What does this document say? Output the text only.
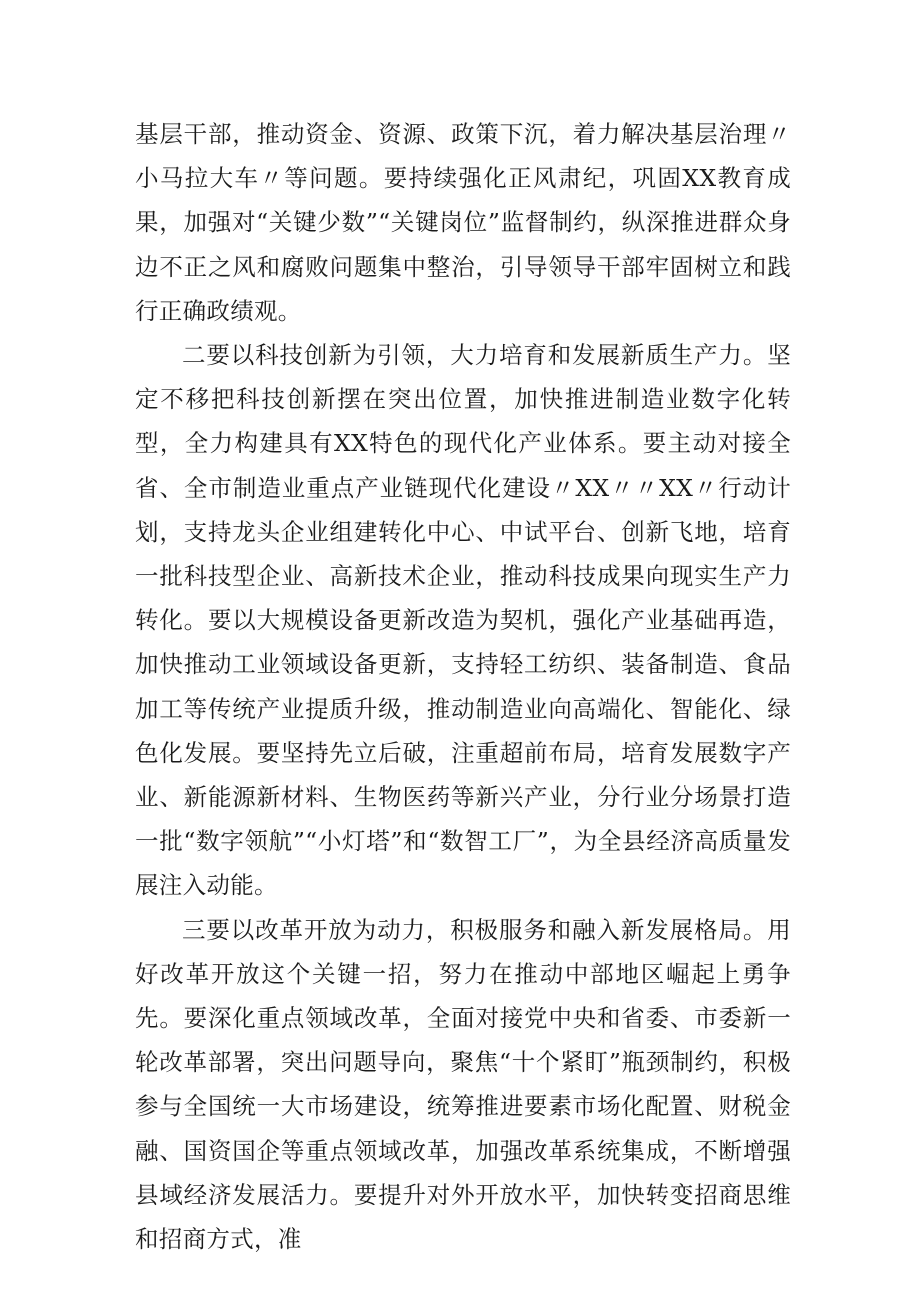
基层干部，推动资金、资源、政策下沉，着力解决基层治理〃小马拉大车〃等问题。要持续强化正风肃纪，巩固XX教育成果，加强对“关键少数”“关键岗位”监督制约，纵深推进群众身边不正之风和腐败问题集中整治，引导领导干部牢固树立和践行正确政绩观。

二要以科技创新为引领，大力培育和发展新质生产力。坚定不移把科技创新摆在突出位置，加快推进制造业数字化转型，全力构建具有XX特色的现代化产业体系。要主动对接全省、全市制造业重点产业链现代化建设〃XX〃〃XX〃行动计划，支持龙头企业组建转化中心、中试平台、创新飞地，培育一批科技型企业、高新技术企业，推动科技成果向现实生产力转化。要以大规模设备更新改造为契机，强化产业基础再造，加快推动工业领域设备更新，支持轻工纺织、装备制造、食品加工等传统产业提质升级，推动制造业向高端化、智能化、绿色化发展。要坚持先立后破，注重超前布局，培育发展数字产业、新能源新材料、生物医药等新兴产业，分行业分场景打造一批“数字领航”“小灯塔”和“数智工厂”，为全县经济高质量发展注入动能。

三要以改革开放为动力，积极服务和融入新发展格局。用好改革开放这个关键一招，努力在推动中部地区崛起上勇争先。要深化重点领域改革，全面对接党中央和省委、市委新一轮改革部署，突出问题导向，聚焦“十个紧盯”瓶颈制约，积极参与全国统一大市场建设，统筹推进要素市场化配置、财税金融、国资国企等重点领域改革，加强改革系统集成，不断增强县域经济发展活力。要提升对外开放水平，加快转变招商思维和招商方式，准
